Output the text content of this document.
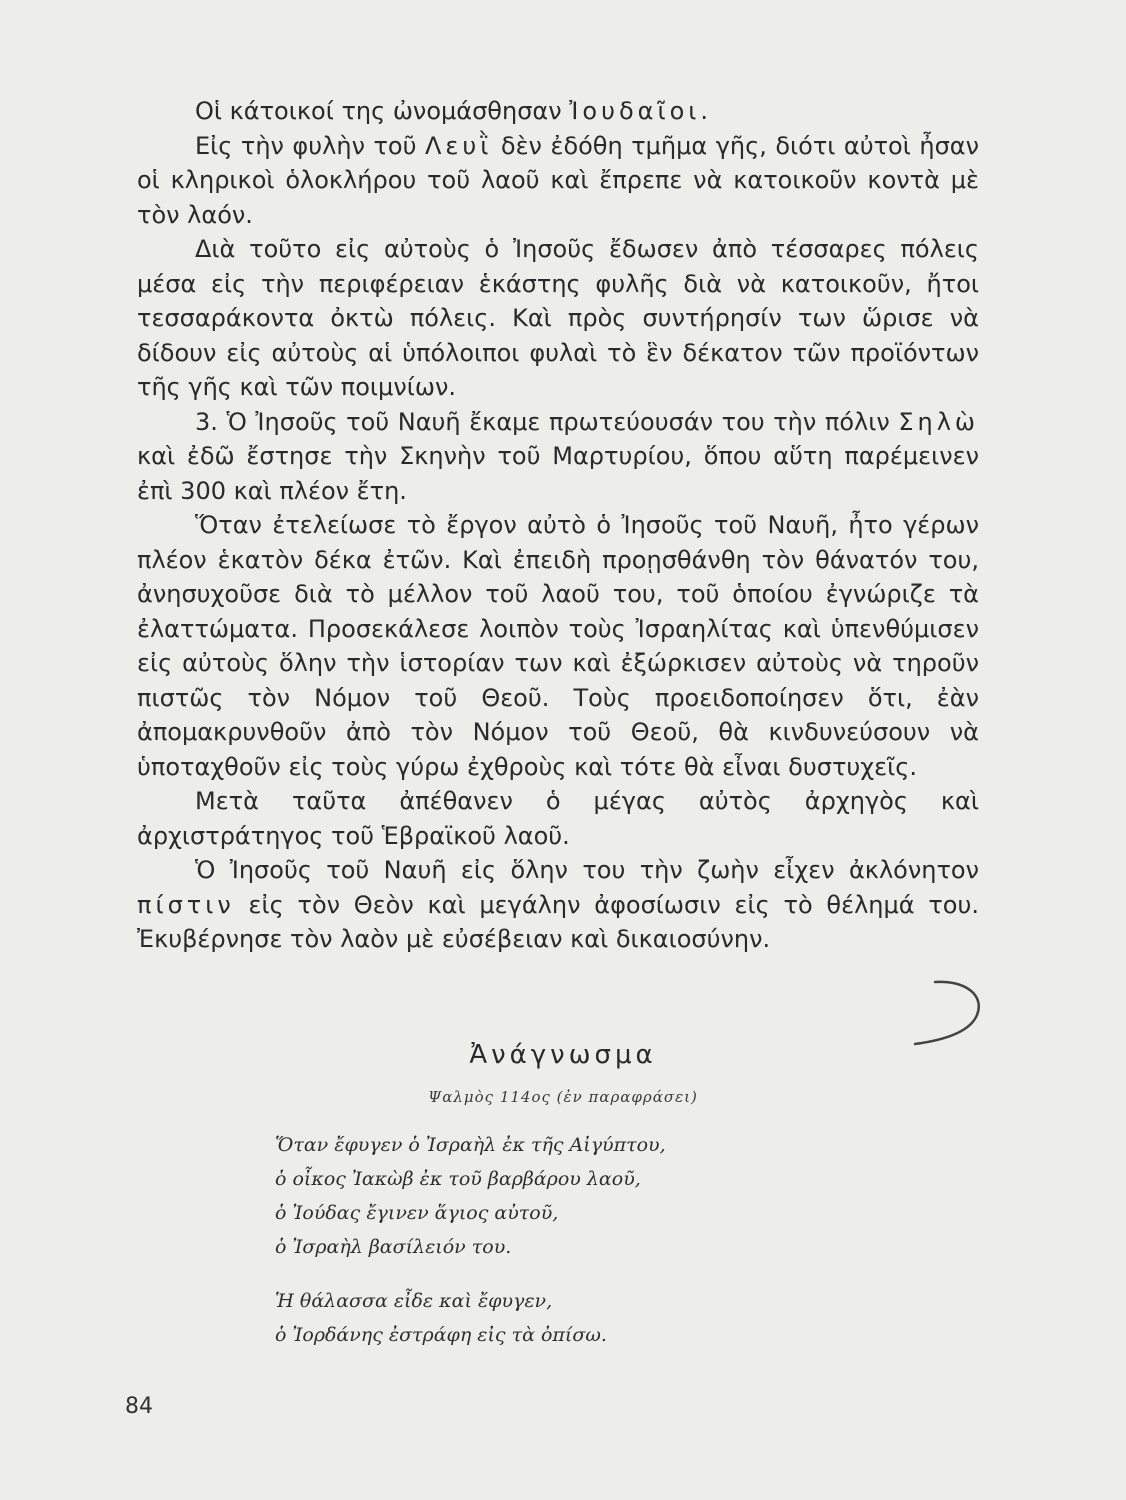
Οἱ κάτοικοί της ὠνομάσθησαν Ἰουδαῖοι.

Εἰς τὴν φυλὴν τοῦ Λευῒ δὲν ἐδόθη τμῆμα γῆς, διότι αὐτοὶ ἦσαν οἱ κληρικοὶ ὁλοκλήρου τοῦ λαοῦ καὶ ἔπρεπε νὰ κατοικοῦν κοντὰ μὲ τὸν λαόν.

Διὰ τοῦτο εἰς αὐτοὺς ὁ Ἰησοῦς ἔδωσεν ἀπὸ τέσσαρες πόλεις μέσα εἰς τὴν περιφέρειαν ἑκάστης φυλῆς διὰ νὰ κατοικοῦν, ἤτοι τεσσαράκοντα ὀκτὼ πόλεις. Καὶ πρὸς συντήρησίν των ὥρισε νὰ δίδουν εἰς αὐτοὺς αἱ ὑπόλοιποι φυλαὶ τὸ ἓν δέκατον τῶν προϊόντων τῆς γῆς καὶ τῶν ποιμνίων.

3. Ὁ Ἰησοῦς τοῦ Ναυῆ ἔκαμε πρωτεύουσάν του τὴν πόλιν Σηλὼ καὶ ἐδῶ ἔστησε τὴν Σκηνὴν τοῦ Μαρτυρίου, ὅπου αὕτη παρέμεινεν ἐπὶ 300 καὶ πλέον ἔτη.

Ὅταν ἐτελείωσε τὸ ἔργον αὐτὸ ὁ Ἰησοῦς τοῦ Ναυῆ, ἦτο γέρων πλέον ἑκατὸν δέκα ἐτῶν. Καὶ ἐπειδὴ προῃσθάνθη τὸν θάνατόν του, ἀνησυχοῦσε διὰ τὸ μέλλον τοῦ λαοῦ του, τοῦ ὁποίου ἐγνώριζε τὰ ἐλαττώματα. Προσεκάλεσε λοιπὸν τοὺς Ἰσραηλίτας καὶ ὑπενθύμισεν εἰς αὐτοὺς ὅλην τὴν ἱστορίαν των καὶ ἐξώρκισεν αὐτοὺς νὰ τηροῦν πιστῶς τὸν Νόμον τοῦ Θεοῦ. Τοὺς προειδοποίησεν ὅτι, ἐὰν ἀπομακρυνθοῦν ἀπὸ τὸν Νόμον τοῦ Θεοῦ, θὰ κινδυνεύσουν νὰ ὑποταχθοῦν εἰς τοὺς γύρω ἐχθροὺς καὶ τότε θὰ εἶναι δυστυχεῖς.

Μετὰ ταῦτα ἀπέθανεν ὁ μέγας αὐτὸς ἀρχηγὸς καὶ ἀρχιστράτηγος τοῦ Ἑβραϊκοῦ λαοῦ.

Ὁ Ἰησοῦς τοῦ Ναυῆ εἰς ὅλην του τὴν ζωὴν εἶχεν ἀκλόνητον πίστιν εἰς τὸν Θεὸν καὶ μεγάλην ἀφοσίωσιν εἰς τὸ θέλημά του. Ἐκυβέρνησε τὸν λαὸν μὲ εὐσέβειαν καὶ δικαιοσύνην.

Ἀνάγνωσμα
Ψαλμὸς 114ος (ἐν παραφράσει)
Ὅταν ἔφυγεν ὁ Ἰσραὴλ ἐκ τῆς Αἰγύπτου,
ὁ οἶκος Ἰακὼβ ἐκ τοῦ βαρβάρου λαοῦ,
ὁ Ἰούδας ἔγινεν ἅγιος αὐτοῦ,
ὁ Ἰσραὴλ βασίλειόν του.
Ἡ θάλασσα εἶδε καὶ ἔφυγεν,
ὁ Ἰορδάνης ἐστράφη εἰς τὰ ὀπίσω.
84
